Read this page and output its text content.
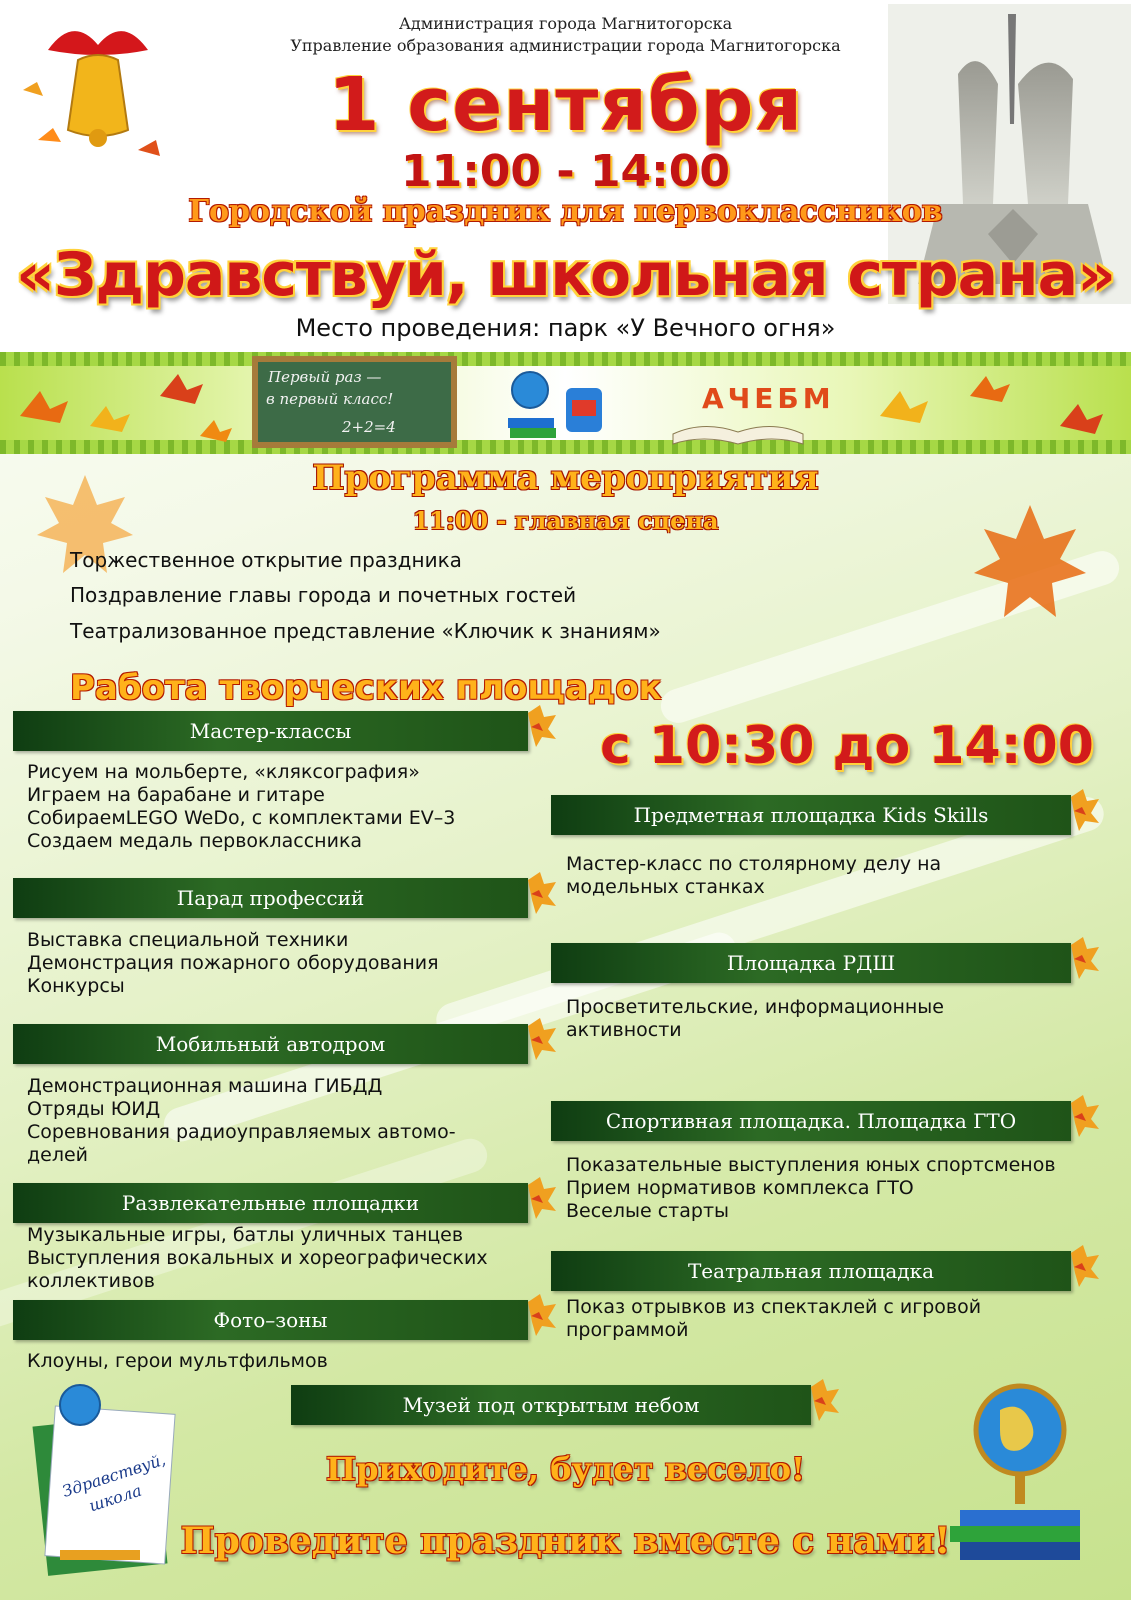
Администрация города Магнитогорска
Управление образования администрации города Магнитогорска
1 сентября
11:00 - 14:00
Городской праздник для первоклассников
«Здравствуй, школьная страна»
Место проведения: парк «У Вечного огня»
Первый раз —
в первый класс!
2+2=4
АЧЕБМ
Программа мероприятия
11:00 - главная сцена
Торжественное открытие праздника
Поздравление главы города и почетных гостей
Театрализованное представление «Ключик к знаниям»
Работа творческих площадок
с 10:30 до 14:00
Мастер-классы
Рисуем на мольберте, «кляксография»
Играем на барабане и гитаре
СобираемLEGO WeDo, с комплектами EV–3
Создаем медаль первоклассника
Парад профессий
Выставка специальной техники
Демонстрация пожарного оборудования
Конкурсы
Мобильный автодром
Демонстрационная машина ГИБДД
Отряды ЮИД
Соревнования радиоуправляемых автомо-
делей
Развлекательные площадки
Музыкальные игры, батлы уличных танцев
Выступления вокальных и хореографических
коллективов
Фото–зоны
Клоуны, герои мультфильмов
Предметная площадка Kids Skills
Мастер-класс по столярному делу на
модельных станках
Площадка РДШ
Просветительские, информационные
активности
Спортивная площадка. Площадка ГТО
Показательные выступления юных спортсменов
Прием нормативов комплекса ГТО
Веселые старты
Театральная площадка
Показ отрывков из спектаклей с игровой
программой
Музей под открытым небом
Здравствуй, школа
Приходите, будет весело!
Проведите праздник вместе с нами!
